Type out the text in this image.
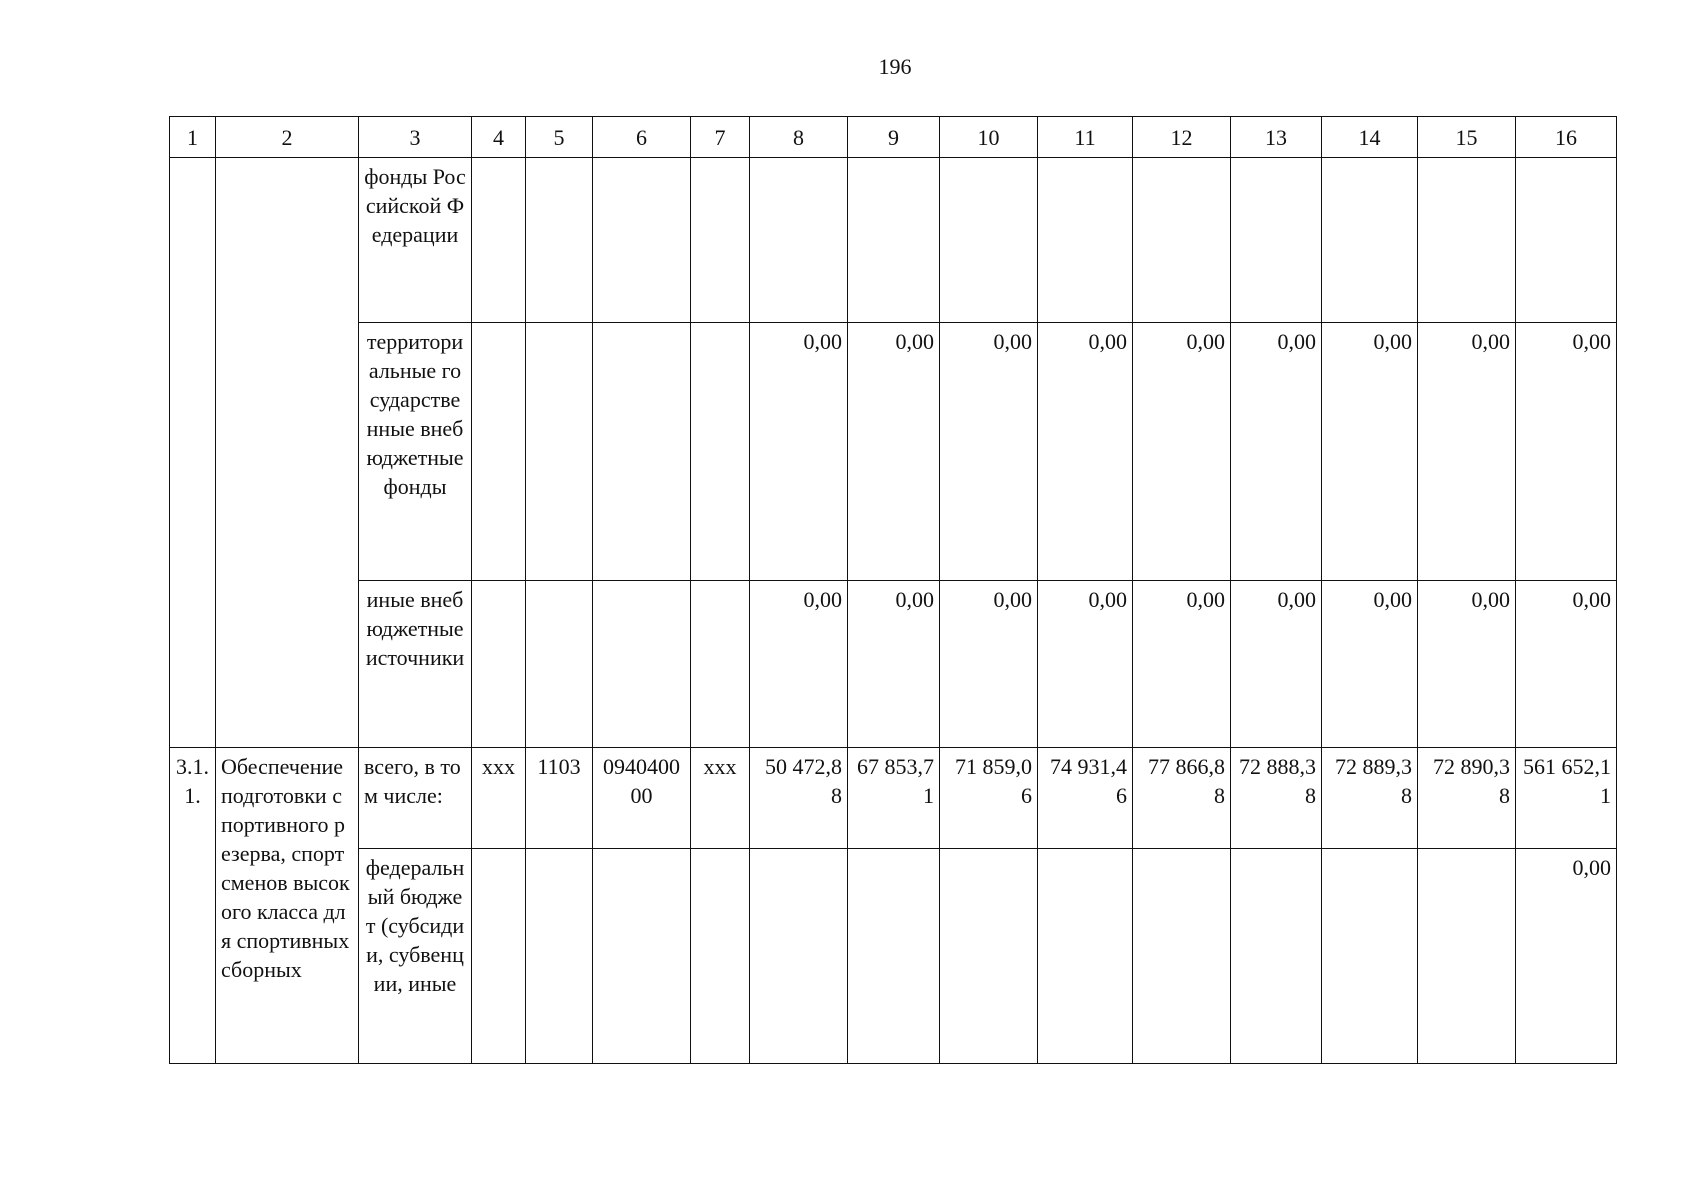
196
1	2	3	4	5	6	7	8	9	10	11	12	13	14	15	16
		фонды Российской Федерации													
		территориальные государственные внебюджетные фонды					0,00	0,00	0,00	0,00	0,00	0,00	0,00	0,00	0,00
		иные внебюджетные источники					0,00	0,00	0,00	0,00	0,00	0,00	0,00	0,00	0,00
3.1.1.	Обеспечение подготовки спортивного резерва, спортсменов высокого класса для спортивных сборных	всего, в том числе:	ххх	1103	094040000	ххх	50 472,88	67 853,71	71 859,06	74 931,46	77 866,88	72 888,38	72 889,38	72 890,38	561 652,11
		федеральный бюджет (субсидии, субвенции, иные													0,00
